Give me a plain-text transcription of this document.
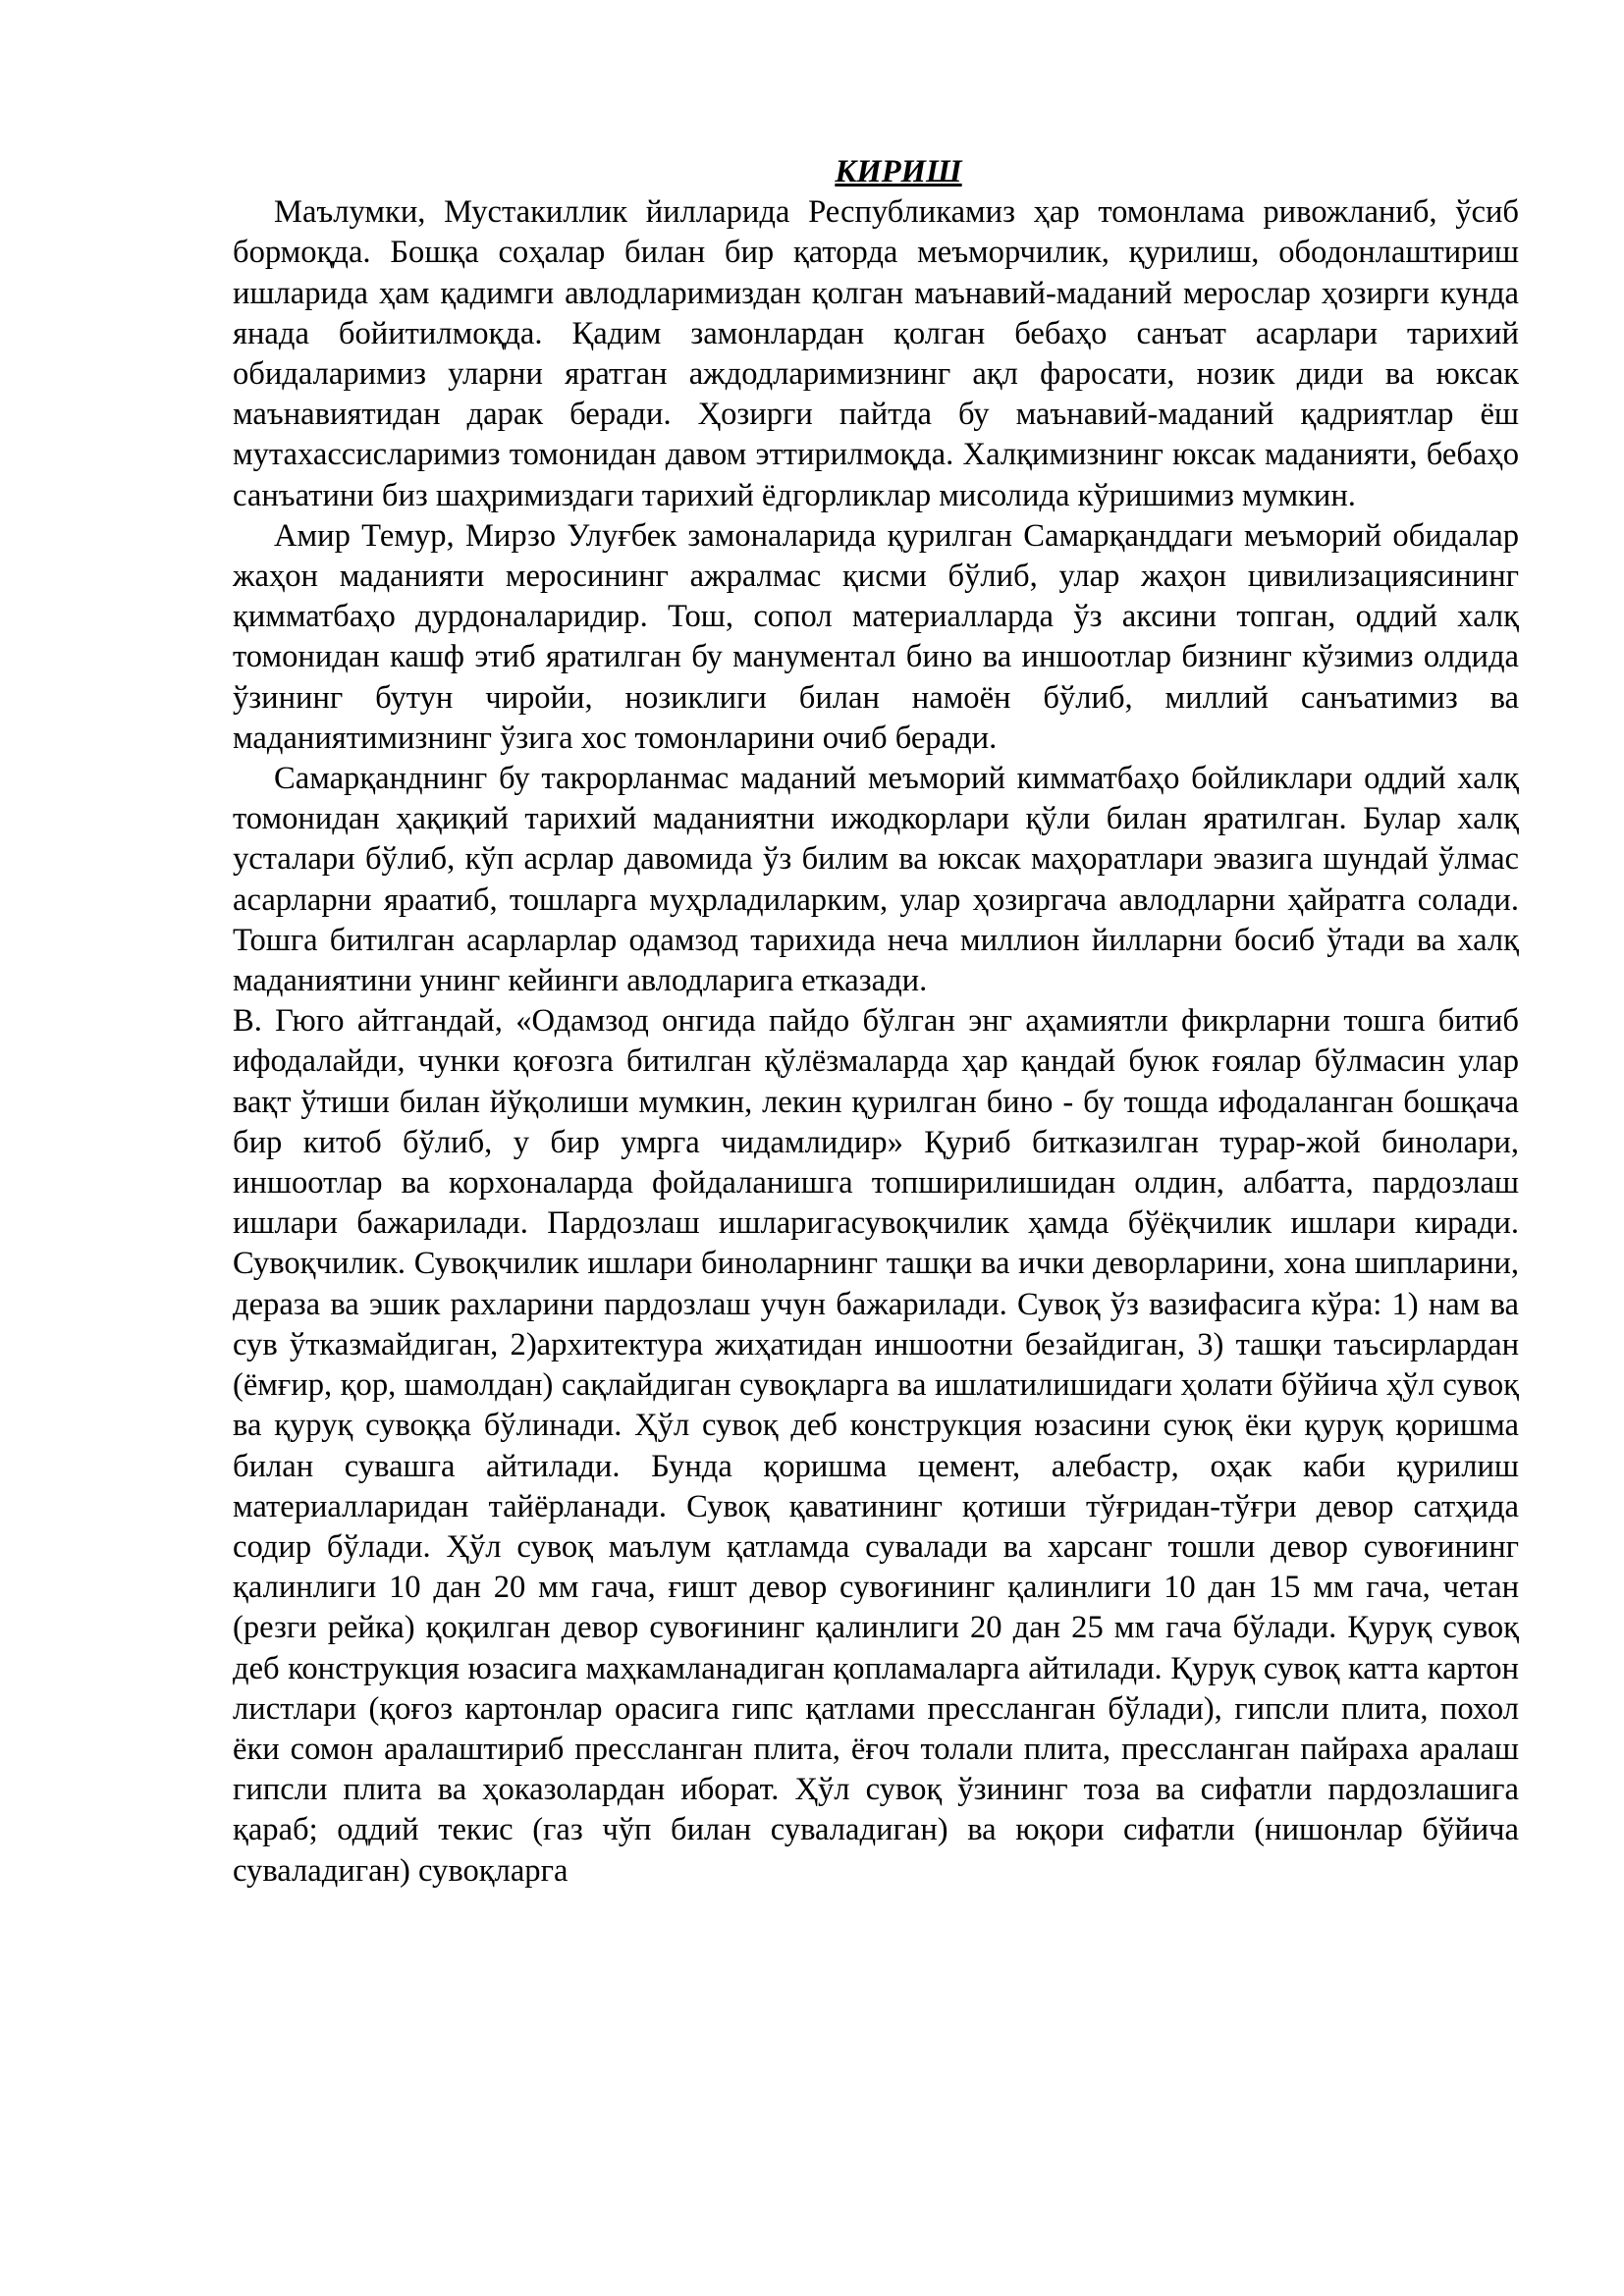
КИРИШ

Маълумки, Мустакиллик йилларида Республикамиз ҳар томонлама ривожланиб, ўсиб бормоқда. Бошқа соҳалар билан бир қаторда меъморчилик, қурилиш, ободонлаштириш ишларида ҳам қадимги авлодларимиздан қолган маънавий-маданий мерослар ҳозирги кунда янада бойитилмоқда. Қадим замонлардан қолган бебаҳо санъат асарлари тарихий обидаларимиз уларни яратган аждодларимизнинг ақл фаросати, нозик диди ва юксак маънавиятидан дарак беради. Ҳозирги пайтда бу маънавий-маданий қадриятлар ёш мутахассисларимиз томонидан давом эттирилмоқда. Халқимизнинг юксак маданияти, бебаҳо санъатини биз шаҳримиздаги тарихий ёдгорликлар мисолида кўришимиз мумкин.

Амир Темур, Мирзо Улуғбек замоналарида қурилган Самарқанддаги меъморий обидалар жаҳон маданияти меросининг ажралмас қисми бўлиб, улар жаҳон цивилизациясининг қимматбаҳо дурдоналаридир. Тош, сопол материалларда ўз аксини топган, оддий халқ томонидан кашф этиб яратилган бу манументал бино ва иншоотлар бизнинг кўзимиз олдида ўзининг бутун чиройи, нозиклиги билан намоён бўлиб, миллий санъатимиз ва маданиятимизнинг ўзига хос томонларини очиб беради.

Самарқанднинг бу такрорланмас маданий меъморий кимматбаҳо бойликлари оддий халқ томонидан ҳақиқий тарихий маданиятни ижодкорлари қўли билан яратилган. Булар халқ усталари бўлиб, кўп асрлар давомида ўз билим ва юксак маҳоратлари эвазига шундай ўлмас асарларни яраатиб, тошларга муҳрладиларким, улар ҳозиргача авлодларни ҳайратга солади. Тошга битилган асарларлар одамзод тарихида неча миллион йилларни босиб ўтади ва халқ маданиятини унинг кейинги авлодларига етказади.

В. Гюго айтгандай, «Одамзод онгида пайдо бўлган энг аҳамиятли фикрларни тошга битиб ифодалайди, чунки қоғозга битилган қўлёзмаларда ҳар қандай буюк ғоялар бўлмасин улар вақт ўтиши билан йўқолиши мумкин, лекин қурилган бино - бу тошда ифодаланган бошқача бир китоб бўлиб, у бир умрга чидамлидир» Қуриб битказилган турар-жой бинолари, иншоотлар ва корхоналарда фойдаланишга топширилишидан олдин, албатта, пардозлаш ишлари бажарилади. Пардозлаш ишларигасувоқчилик ҳамда бўёқчилик ишлари киради. Сувоқчилик. Сувоқчилик ишлари биноларнинг ташқи ва ички деворларини, хона шипларини, дераза ва эшик рахларини пардозлаш учун бажарилади. Сувоқ ўз вазифасига кўра: 1) нам ва сув ўтказмайдиган, 2)архитектура жиҳатидан иншоотни безайдиган, 3) ташқи таъсирлардан (ёмғир, қор, шамолдан) сақлайдиган сувоқларга ва ишлатилишидаги ҳолати бўйича ҳўл сувоқ ва қуруқ сувоққа бўлинади. Ҳўл сувоқ деб конструкция юзасини суюқ ёки қуруқ қоришма билан сувашга айтилади. Бунда қоришма цемент, алебастр, оҳак каби қурилиш материалларидан тайёрланади. Сувоқ қаватининг қотиши тўғридан-тўғри девор сатҳида содир бўлади. Ҳўл сувоқ маълум қатламда сувалади ва харсанг тошли девор сувоғининг қалинлиги 10 дан 20 мм гача, ғишт девор сувоғининг қалинлиги 10 дан 15 мм гача, четан (резги рейка) қоқилган девор сувоғининг қалинлиги 20 дан 25 мм гача бўлади. Қуруқ сувоқ деб конструкция юзасига маҳкамланадиган қопламаларга айтилади. Қуруқ сувоқ катта картон листлари (қоғоз картонлар орасига гипс қатлами прессланган бўлади), гипсли плита, похол ёки сомон аралаштириб прессланган плита, ёғоч толали плита, прессланган пайраха аралаш гипсли плита ва ҳоказолардан иборат. Ҳўл сувоқ ўзининг тоза ва сифатли пардозлашига қараб; оддий текис (газ чўп билан суваладиган) ва юқори сифатли (нишонлар бўйича суваладиган) сувоқларга
